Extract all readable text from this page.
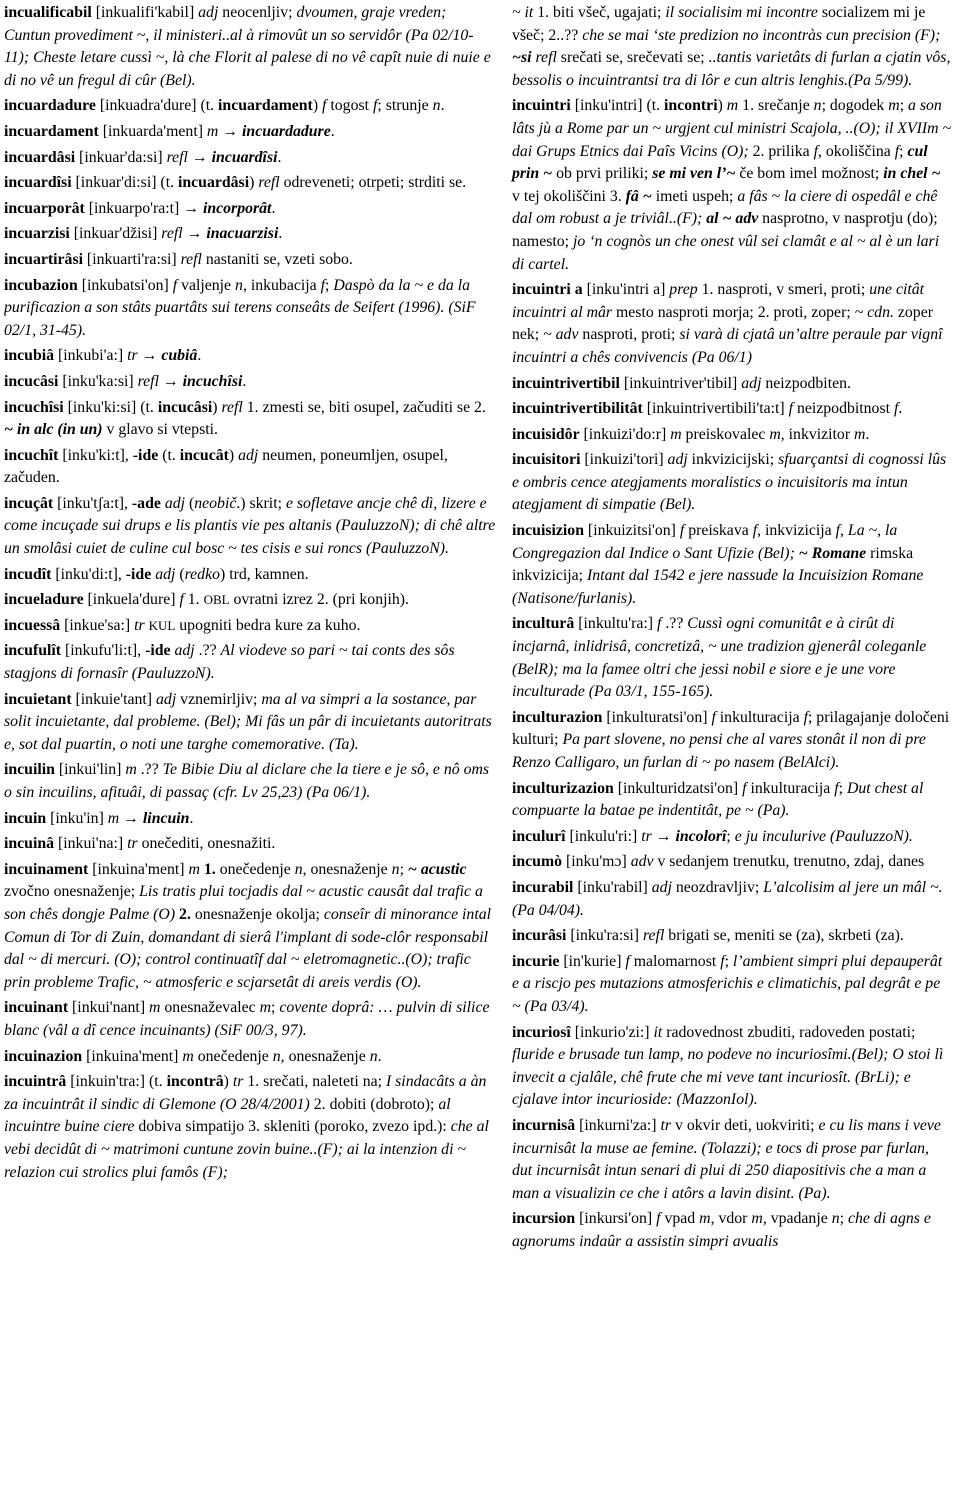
incualificabil [inkualifi'kabil] adj neocenljiv; dvoumen, graje vreden; Cuntun provediment ~, il ministeri..al à rimovût un so servidôr (Pa 02/10-11); Cheste letare cussì ~, là che Florit al palese di no vê capît nuie di nuie e di no vê un fregul di cûr (Bel).

incuardadure [inkuadra'dure] (t. incuardament) f togost f; strunje n.

incuardament [inkuarda'ment] m → incuardadure.

incuardâsi [inkuar'da:si] refl → incuardîsi.

incuardîsi [inkuar'di:si] (t. incuardâsi) refl odreveneti; otrpeti; strditi se.

incuarporât [inkuarpo'ra:t] → incorporât.

incuarzisi [inkuar'džisi] refl → inacuarzisi.

incuartirâsi [inkuarti'ra:si] refl nastaniti se, vzeti sobo.

incubazion [inkubatsi'on] f valjenje n, inkubacija f; Daspò da la ~ e da la purificazion a son stâts puartâts sui terens conseâts de Seifert (1996). (SiF 02/1, 31-45).

incubiâ [inkubi'a:] tr → cubiâ.

incucâsi [inku'ka:si] refl → incuchîsi.

incuchîsi [inku'ki:si] (t. incucâsi) refl 1. zmesti se, biti osupel, začuditi se 2. ~ in alc (in un) v glavo si vtepsti.

incuchît [inku'ki:t], -ide (t. incucât) adj neumen, poneumljen, osupel, začuden.

incuçât [inku'tʃa:t], -ade adj (neobič.) skrit; e sofletave ancje chê dì, lizere e come incuçade sui drups e lis plantis vie pes altanis (PauluzzoN); di chê altre un smolâsi cuiet de culine cul bosc ~ tes cisis e sui roncs (PauluzzoN).

incudît [inku'di:t], -ide adj (redko) trd, kamnen.

incueladure [inkuela'dure] f 1. OBL ovratni izrez 2. (pri konjih).

incuessâ [inkue'sa:] tr KUL upogniti bedra kure za kuho.

incufulît [inkufu'li:t], -ide adj .?? Al viodeve so pari ~ tai conts des sôs stagjons di fornasîr (PauluzzoN).

incuietant [inkuie'tant] adj vznemirljiv; ma al va simpri a la sostance, par solit incuietante, dal probleme. (Bel); Mi fâs un pâr di incuietants autoritrats e, sot dal puartin, o noti une targhe comemorative. (Ta).

incuilin [inkui'lin] m .?? Te Bibie Diu al diclare che la tiere e je sô, e nô oms o sin incuilins, afituâi, di passaç (cfr. Lv 25,23) (Pa 06/1).

incuin [inku'in] m → lincuin.

incuinâ [inkui'na:] tr onečediti, onesnažiti.

incuinament [inkuina'ment] m 1. onečedenje n, onesnaženje n; ~ acustic zvočno onesnaženje; Lis tratis plui tocjadis dal ~ acustic causât dal trafic a son chês dongje Palme (O) 2. onesnaženje okolja; conseîr di minorance intal Comun di Tor di Zuin, domandant di sierâ l'implant di sode-clôr responsabil dal ~ di mercuri. (O); control continuatîf dal ~ eletromagnetic..(O); trafic prin probleme Trafic, ~ atmosferic e scjarsetât di areis verdis (O).

incuinant [inkui'nant] m onesnaževalec m; covente doprâ: … pulvin di silice blanc (vâl a dî cence incuinants) (SiF 00/3, 97).

incuinazion [inkuina'ment] m onečedenje n, onesnaženje n.

incuintrâ [inkuin'tra:] (t. incontrâ) tr 1. srečati, naleteti na; I sindacâts a àn za incuintrât il sindic di Glemone (O 28/4/2001) 2. dobiti (dobroto); al incuintre buine ciere dobiva simpatijo 3. skleniti (poroko, zvezo ipd.): che al vebi decidût di ~ matrimoni cuntune zovin buine..(F); ai la intenzion di ~ relazion cui strolics plui famôs (F);

~ it 1. biti všeč, ugajati; il socialisim mi incontre socializem mi je všeč; 2..?? che se mai ‘ste predizion no incontràs cun precision (F); ~si refl srečati se, srečevati se; ..tantis varietâts di furlan a cjatin vôs, bessolis o incuintrantsi tra di lôr e cun altris lenghis.(Pa 5/99).

incuintri [inku'intri] (t. incontri) m 1. srečanje n; dogodek m; a son lâts jù a Rome par un ~ urgjent cul ministri Scajola, ..(O); il XVIIm ~ dai Grups Etnics dai Paîs Vicins (O); 2. prilika f, okoliščina f; cul prin ~ ob prvi priliki; se mi ven l’~ če bom imel možnost; in chel ~ v tej okoliščini 3. fâ ~ imeti uspeh; a fâs ~ la ciere di ospedâl e chê dal om robust a je triviâl..(F); al ~ adv nasprotno, v nasprotju (do); namesto; jo ‘n cognòs un che onest vûl sei clamât e al ~ al è un lari di cartel.

incuintri a [inku'intri a] prep 1. nasproti, v smeri, proti; une citât incuintri al mâr mesto nasproti morja; 2. proti, zoper; ~ cdn. zoper nek; ~ adv nasproti, proti; si varà di cjatâ un’altre peraule par vignî incuintri a chês convivencis (Pa 06/1)

incuintrivertibil [inkuintriver'tibil] adj neizpodbiten.

incuintrivertibilitât [inkuintrivertibili'ta:t] f neizpodbitnost f.

incuisidôr [inkuizi'do:r] m preiskovalec m, inkvizitor m.

incuisitori [inkuizi'tori] adj inkvizicijski; sfuarçantsi di cognossi lûs e ombris cence ategjaments moralistics o incuisitoris ma intun ategjament di simpatie (Bel).

incuisizion [inkuizitsi'on] f preiskava f, inkvizicija f, La ~, la Congregazion dal Indice o Sant Ufizie (Bel); ~ Romane rimska inkvizicija; Intant dal 1542 e jere nassude la Incuisizion Romane (Natisone/furlanis).

inculturâ [inkultu'ra:] f .?? Cussì ogni comunitât e à cirût di incjarnâ, inlidrisâ, concretizâ, ~ une tradizion gjenerâl coleganle (BelR); ma la famee oltri che jessi nobil e siore e je une vore inculturade (Pa 03/1, 155-165).

inculturazion [inkulturatsi'on] f inkulturacija f; prilagajanje določeni kulturi; Pa part slovene, no pensi che al vares stonât il non di pre Renzo Calligaro, un furlan di ~ po nasem (BelAlci).

inculturizazion [inkulturidzatsi'on] f inkulturacija f; Dut chest al compuarte la batae pe indentitât, pe ~ (Pa).

inculurî [inkulu'ri:] tr → incolorî; e ju inculurive (PauluzzoN).

incumò [inku'mɔ] adv v sedanjem trenutku, trenutno, zdaj, danes

incurabil [inku'rabil] adj neozdravljiv; L’alcolisim al jere un mâl ~. (Pa 04/04).

incurâsi [inku'ra:si] refl brigati se, meniti se (za), skrbeti (za).

incurie [in'kurie] f malomarnost f; l’ambient simpri plui depauperât e a riscjo pes mutazions atmosferichis e climatichis, pal degrât e pe ~ (Pa 03/4).

incuriosî [inkurio'zi:] it radovednost zbuditi, radoveden postati; fluride e brusade tun lamp, no podeve no incuriosîmi.(Bel); O stoi lì invecit a cjalâle, chê frute che mi veve tant incuriosît. (BrLi); e cjalave intor incurioside: (MazzonIol).

incurnisâ [inkurni'za:] tr v okvir deti, uokviriti; e cu lis mans i veve incurnisât la muse ae femine. (Tolazzi); e tocs di prose par furlan, dut incurnisât intun senari di plui di 250 diapositivis che a man a man a visualizin ce che i atôrs a lavin disint. (Pa).

incursion [inkursi'on] f vpad m, vdor m, vpadanje n; che di agns e agnorums indaûr a assistin simpri avualis
